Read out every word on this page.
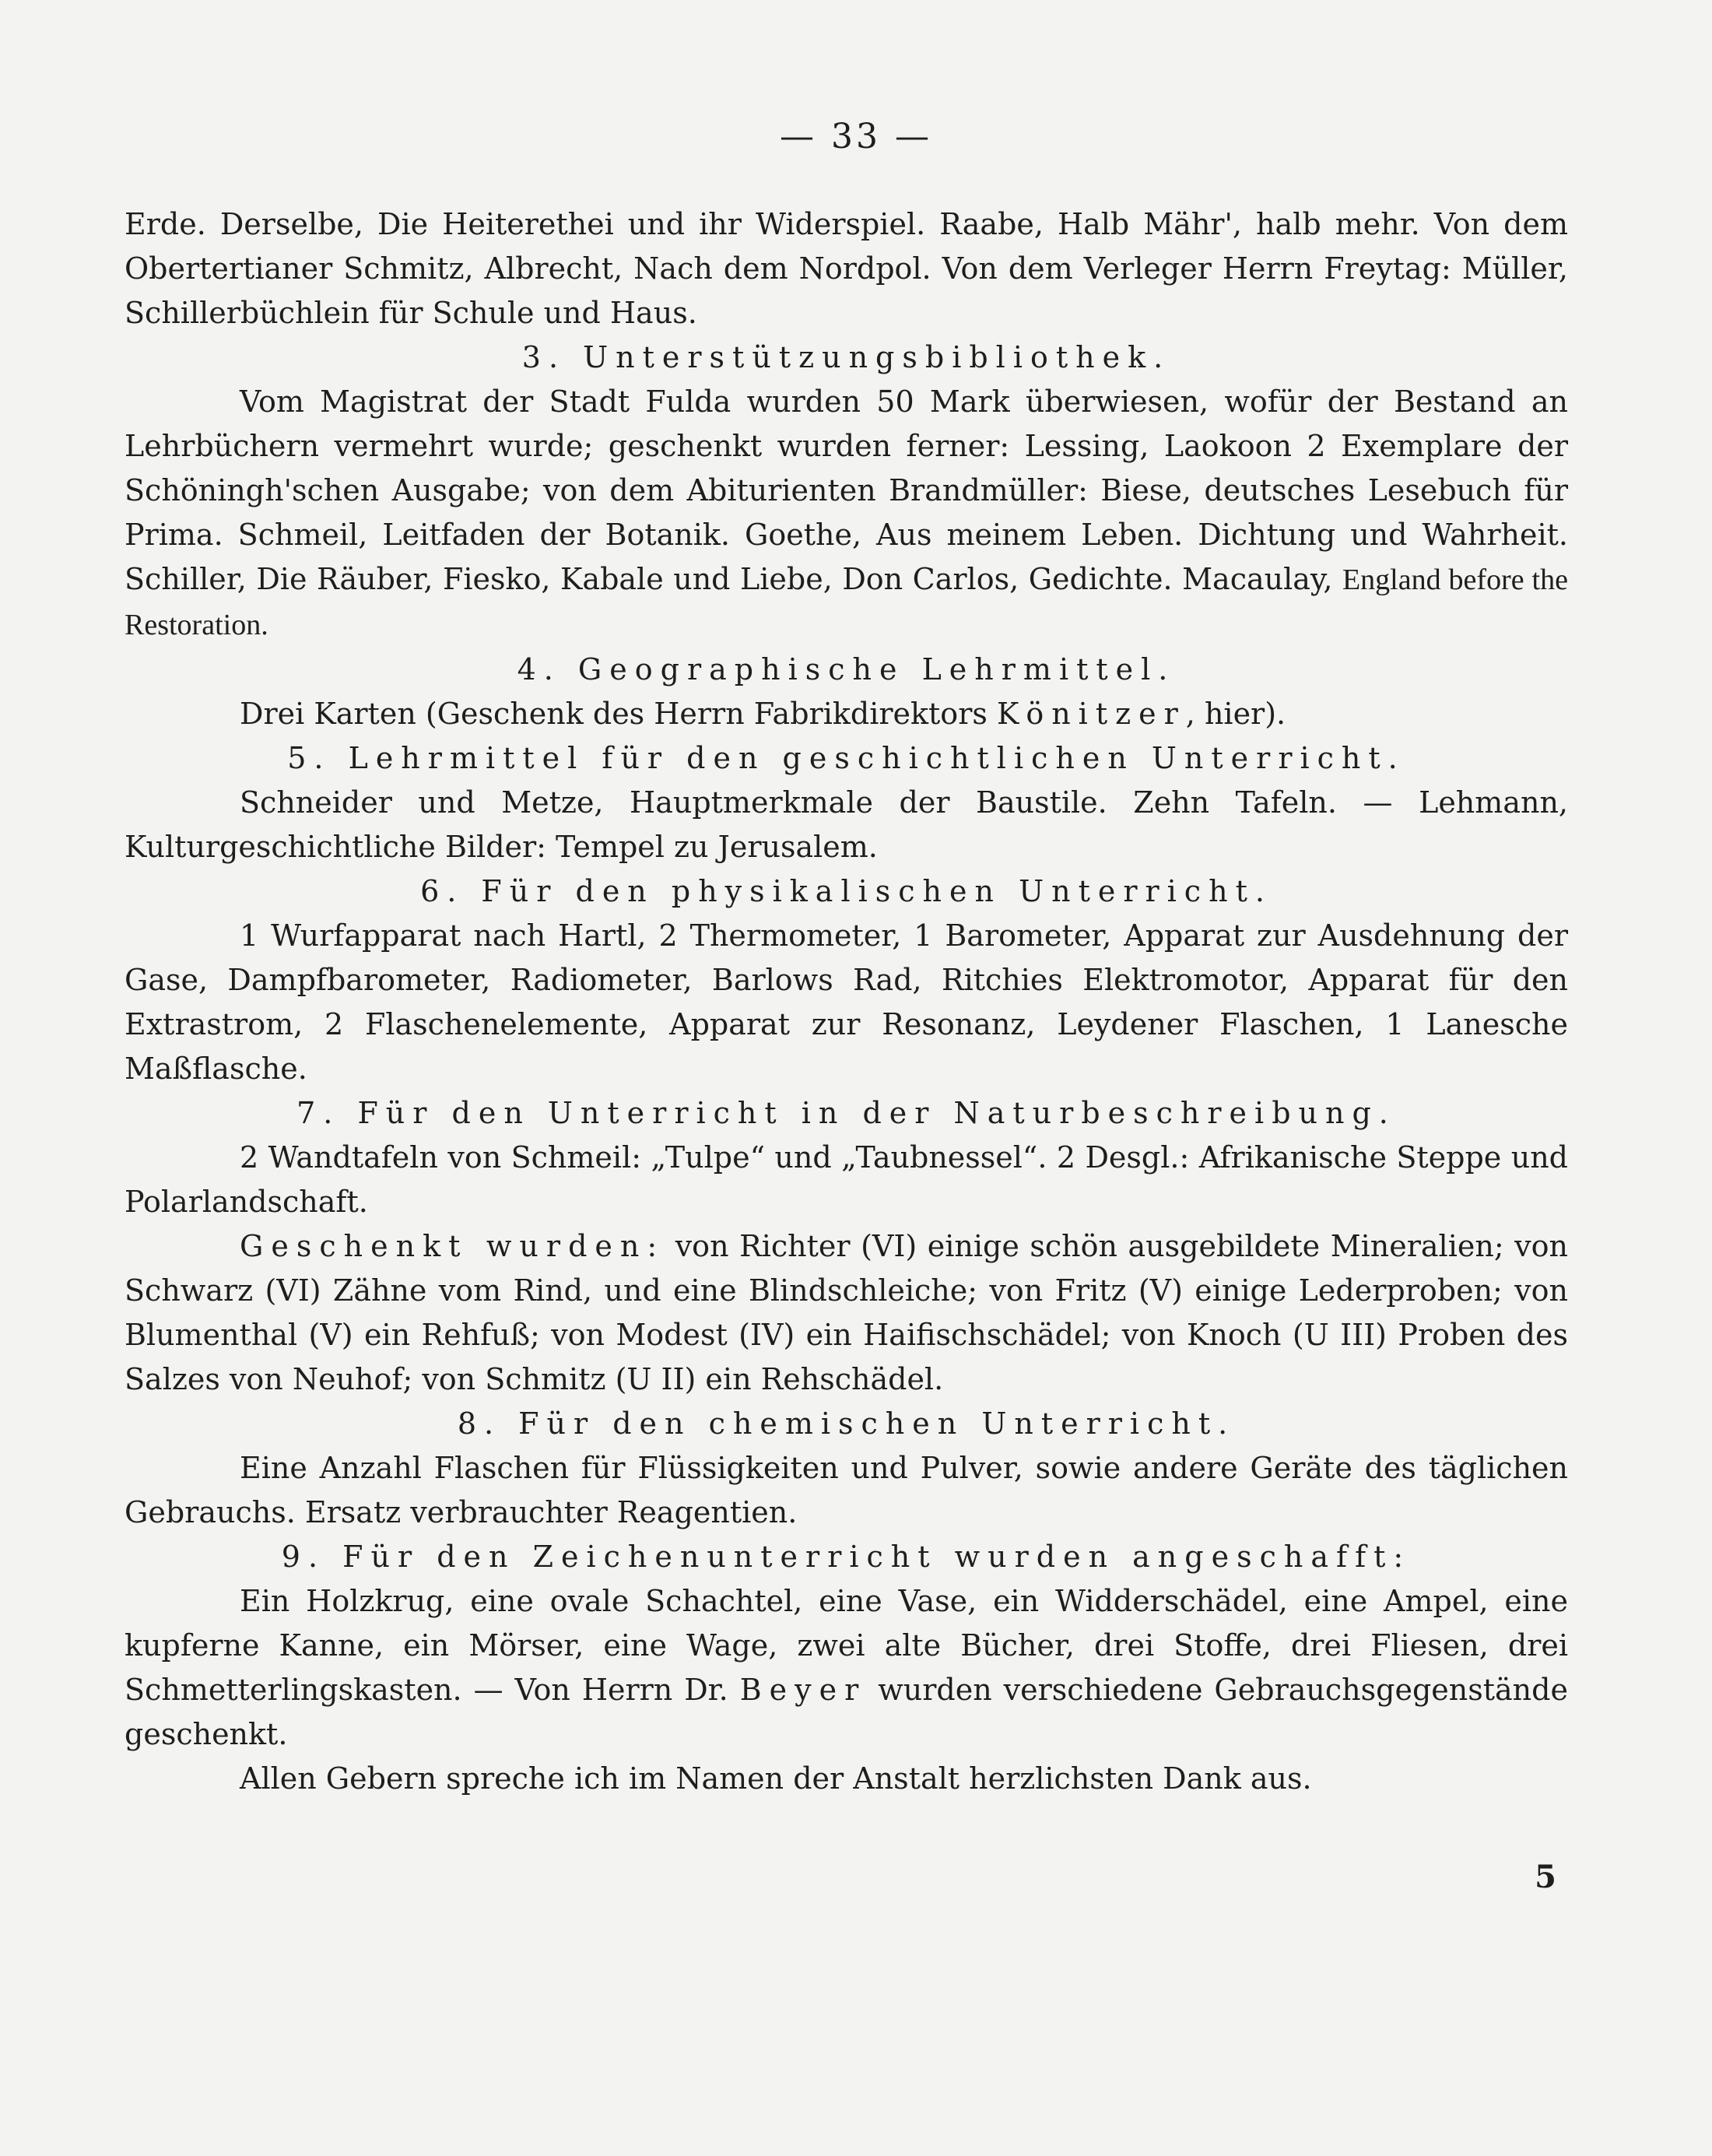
— 33 —

Erde. Derselbe, Die Heiterethei und ihr Widerspiel. Raabe, Halb Mähr', halb mehr. Von dem Obertertianer Schmitz, Albrecht, Nach dem Nordpol. Von dem Verleger Herrn Freytag: Müller, Schillerbüchlein für Schule und Haus.

3. Unterstützungsbibliothek.

Vom Magistrat der Stadt Fulda wurden 50 Mark überwiesen, wofür der Bestand an Lehrbüchern vermehrt wurde; geschenkt wurden ferner: Lessing, Laokoon 2 Exemplare der Schöningh'schen Ausgabe; von dem Abiturienten Brandmüller: Biese, deutsches Lesebuch für Prima. Schmeil, Leitfaden der Botanik. Goethe, Aus meinem Leben. Dichtung und Wahrheit. Schiller, Die Räuber, Fiesko, Kabale und Liebe, Don Carlos, Gedichte. Macaulay, England before the Restoration.

4. Geographische Lehrmittel.

Drei Karten (Geschenk des Herrn Fabrikdirektors Könitzer, hier).

5. Lehrmittel für den geschichtlichen Unterricht.

Schneider und Metze, Hauptmerkmale der Baustile. Zehn Tafeln. — Lehmann, Kulturgeschichtliche Bilder: Tempel zu Jerusalem.

6. Für den physikalischen Unterricht.

1 Wurfapparat nach Hartl, 2 Thermometer, 1 Barometer, Apparat zur Ausdehnung der Gase, Dampfbarometer, Radiometer, Barlows Rad, Ritchies Elektromotor, Apparat für den Extrastrom, 2 Flaschenelemente, Apparat zur Resonanz, Leydener Flaschen, 1 Lanesche Maßflasche.

7. Für den Unterricht in der Naturbeschreibung.

2 Wandtafeln von Schmeil: „Tulpe“ und „Taubnessel“. 2 Desgl.: Afrikanische Steppe und Polarlandschaft.

Geschenkt wurden: von Richter (VI) einige schön ausgebildete Mineralien; von Schwarz (VI) Zähne vom Rind, und eine Blindschleiche; von Fritz (V) einige Lederproben; von Blumenthal (V) ein Rehfuß; von Modest (IV) ein Haifischschädel; von Knoch (U III) Proben des Salzes von Neuhof; von Schmitz (U II) ein Rehschädel.

8. Für den chemischen Unterricht.

Eine Anzahl Flaschen für Flüssigkeiten und Pulver, sowie andere Geräte des täglichen Gebrauchs. Ersatz verbrauchter Reagentien.

9. Für den Zeichenunterricht wurden angeschafft:

Ein Holzkrug, eine ovale Schachtel, eine Vase, ein Widderschädel, eine Ampel, eine kupferne Kanne, ein Mörser, eine Wage, zwei alte Bücher, drei Stoffe, drei Fliesen, drei Schmetterlingskasten. — Von Herrn Dr. Beyer wurden verschiedene Gebrauchsgegenstände geschenkt.

Allen Gebern spreche ich im Namen der Anstalt herzlichsten Dank aus.

5
